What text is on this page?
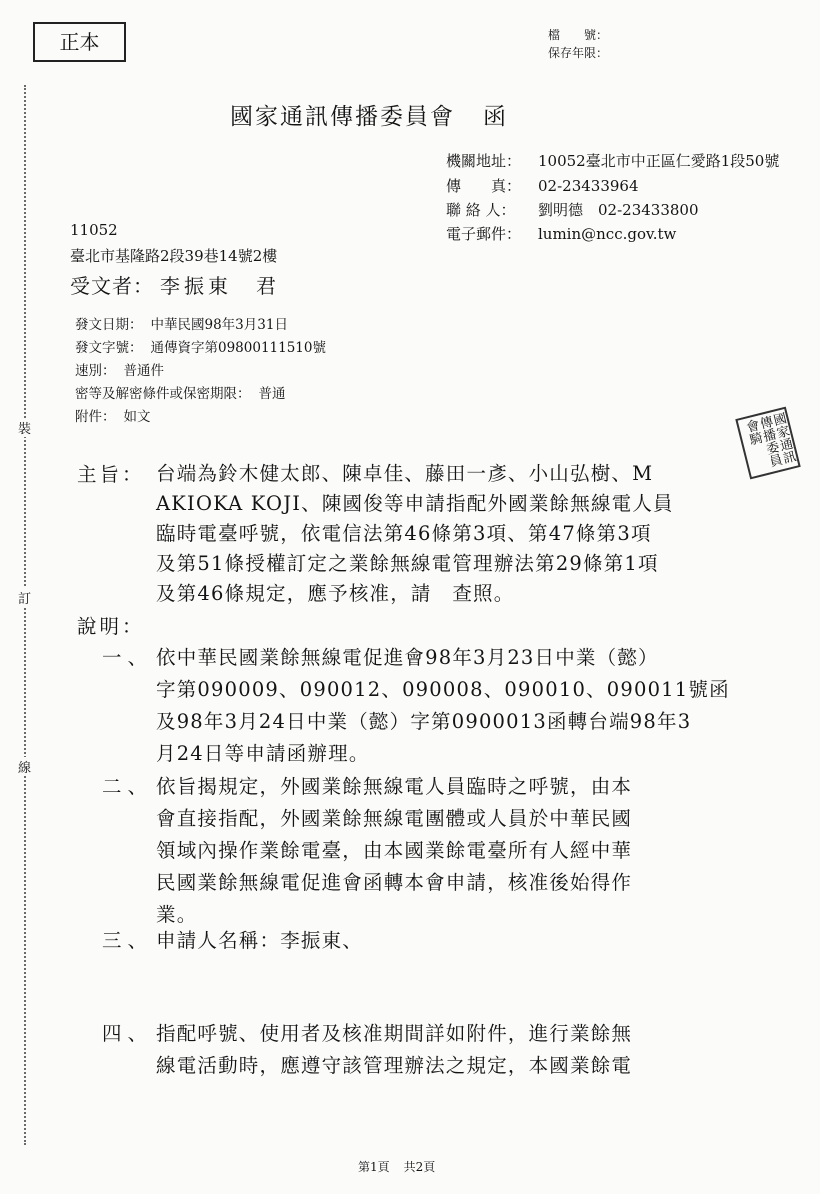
裝
訂
線
正本	檔　　號：
保存年限：
國家通訊傳播委員會 函
機關地址： 10052臺北市中正區仁愛路1段50號
傳　　真： 02-23433964
聯 絡 人： 劉明德　02-23433800
電子郵件： lumin@ncc.gov.tw
11052
臺北市基隆路2段39巷14號2樓
受文者： 李振東　君
發文日期： 中華民國98年3月31日
發文字號： 通傳資字第09800111510號
速別： 普通件
密等及解密條件或保密期限： 普通
附件： 如文	國家通訊傳播委員會騎
主旨： 台端為鈴木健太郎、陳卓佳、藤田一彥、小山弘樹、M
AKIOKA KOJI、陳國俊等申請指配外國業餘無線電人員
臨時電臺呼號，依電信法第46條第3項、第47條第3項
及第51條授權訂定之業餘無線電管理辦法第29條第1項
及第46條規定，應予核准，請　查照。
說明：
一、 依中華民國業餘無線電促進會98年3月23日中業（懿）
字第090009、090012、090008、090010、090011號函
及98年3月24日中業（懿）字第0900013函轉台端98年3
月24日等申請函辦理。
二、 依旨揭規定，外國業餘無線電人員臨時之呼號，由本
會直接指配，外國業餘無線電團體或人員於中華民國
領域內操作業餘電臺，由本國業餘電臺所有人經中華
民國業餘無線電促進會函轉本會申請，核准後始得作
業。
三、 申請人名稱：李振東、
四、 指配呼號、使用者及核准期間詳如附件，進行業餘無
線電活動時，應遵守該管理辦法之規定，本國業餘電
第1頁 共2頁
